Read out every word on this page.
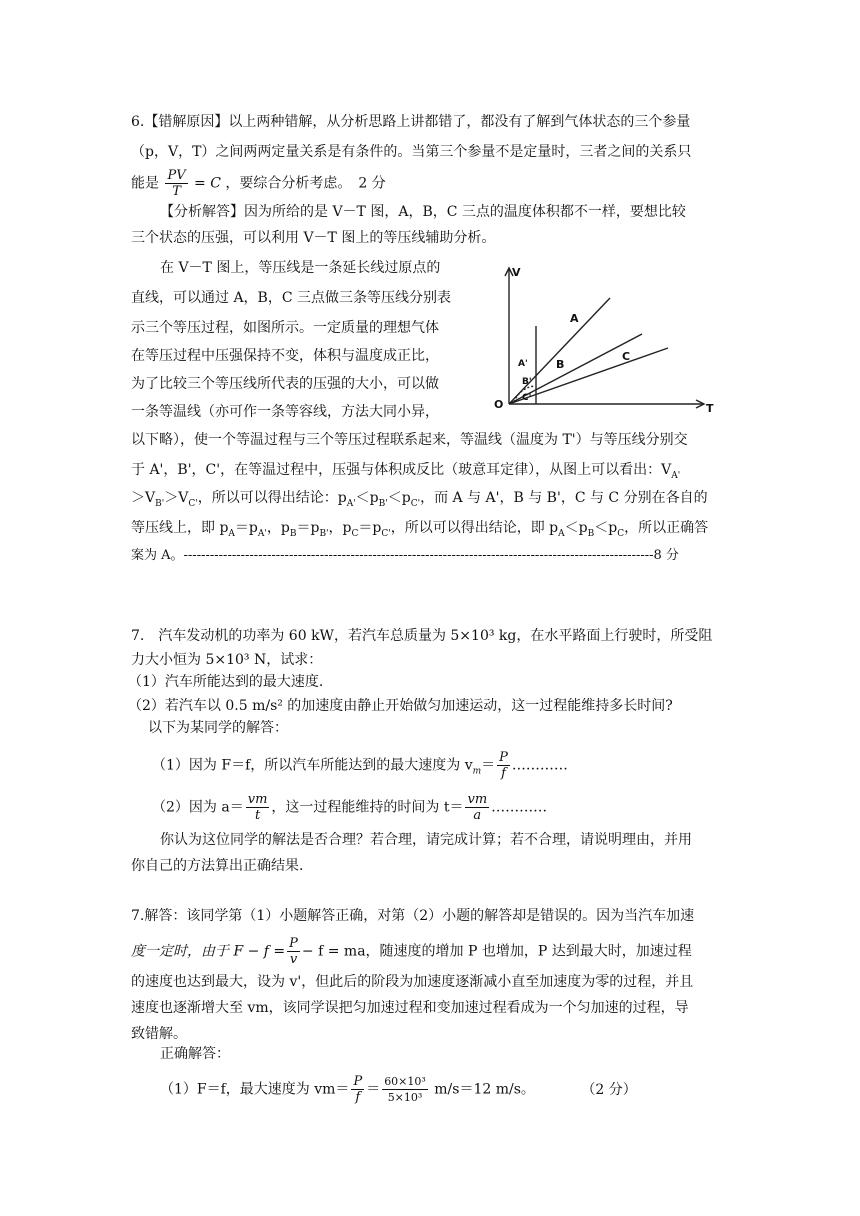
6.【错解原因】以上两种错解，从分析思路上讲都错了，都没有了解到气体状态的三个参量
（p，V，T）之间两两定量关系是有条件的。当第三个参量不是定量时，三者之间的关系只
能是 $\frac{PV}{T} = C$ ，要综合分析考虑。　2 分
【分析解答】因为所给的是 V－T 图，A，B，C 三点的温度体积都不一样，要想比较
三个状态的压强，可以利用 V－T 图上的等压线辅助分析。
在 V－T 图上，等压线是一条延长线过原点的
直线，可以通过 A，B，C 三点做三条等压线分别表
示三个等压过程，如图所示。一定质量的理想气体
在等压过程中压强保持不变，体积与温度成正比，
为了比较三个等压线所代表的压强的大小，可以做
一条等温线（亦可作一条等容线，方法大同小异，
以下略），使一个等温过程与三个等压过程联系起来，等温线（温度为 T'）与等压线分别交
于 A'，B'，C'，在等温过程中，压强与体积成反比（玻意耳定律），从图上可以看出：$V_{A'}$
$>V_{B'}>V_{C'}$，所以可以得出结论：$p_{A'}<p_{B'}<p_{C'}$，而 A 与 A'，B 与 B'，C 与 C 分别在各自的
等压线上，即 $p_A=p_{A'}$，$p_B=p_{B'}$，$p_C=p_{C'}$，所以可以得出结论，即 $p_A<p_B<p_C$，所以正确答
案为 A。-----------------------------------------------------------------------------------------------------------8 分
V
T
O
A
B
C
A'
B'
C'
7.　汽车发动机的功率为 60 kW，若汽车总质量为 5×10³ kg，在水平路面上行驶时，所受阻
力大小恒为 5×10³ N，试求：
（1）汽车所能达到的最大速度.
（2）若汽车以 0.5 m/s² 的加速度由静止开始做匀加速运动，这一过程能维持多长时间?
以下为某同学的解答：
（1）因为 F＝f，所以汽车所能达到的最大速度为 $v_m= \frac{P}{f}$ …………
（2）因为 $a= \frac{vm}{t}$ ，这一过程能维持的时间为 $t= \frac{vm}{a}$ …………
你认为这位同学的解法是否合理？若合理，请完成计算；若不合理，请说明理由，并用
你自己的方法算出正确结果.
7.解答：该同学第（1）小题解答正确，对第（2）小题的解答却是错误的。因为当汽车加速
度一定时，由于 $F - f = \frac{P}{v} - f$ = ma，随速度的增加 P 也增加，P 达到最大时，加速过程
的速度也达到最大，设为 v'，但此后的阶段为加速度逐渐减小直至加速度为零的过程，并且
速度也逐渐增大至 vm，该同学误把匀加速过程和变加速过程看成为一个匀加速的过程，导
致错解。
正确解答：
（1）F＝f，最大速度为 $vm= \frac{P}{f} = \frac{\text{60×10³}}{\text{5×10³}} m/s=12$ m/s。	（2 分）
